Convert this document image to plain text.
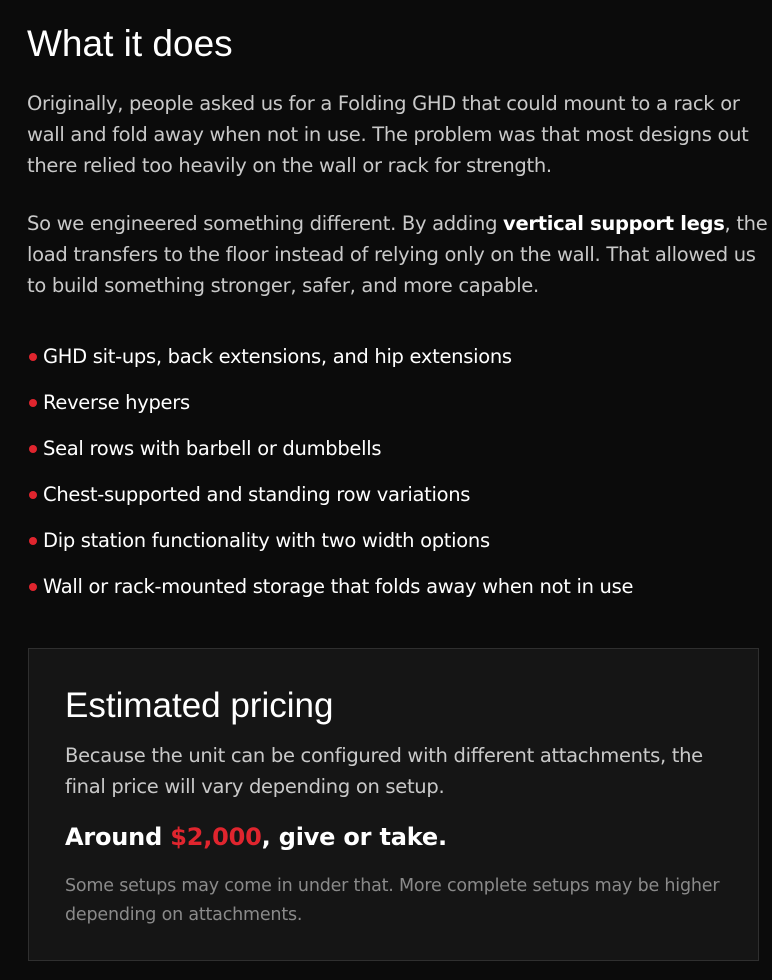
What it does

Originally, people asked us for a Folding GHD that could mount to a rack or wall and fold away when not in use. The problem was that most designs out there relied too heavily on the wall or rack for strength.

So we engineered something different. By adding vertical support legs, the load transfers to the floor instead of relying only on the wall. That allowed us to build something stronger, safer, and more capable.

GHD sit-ups, back extensions, and hip extensions
Reverse hypers
Seal rows with barbell or dumbbells
Chest-supported and standing row variations
Dip station functionality with two width options
Wall or rack-mounted storage that folds away when not in use
Estimated pricing

Because the unit can be configured with different attachments, the final price will vary depending on setup.

Around $2,000, give or take.

Some setups may come in under that. More complete setups may be higher depending on attachments.
